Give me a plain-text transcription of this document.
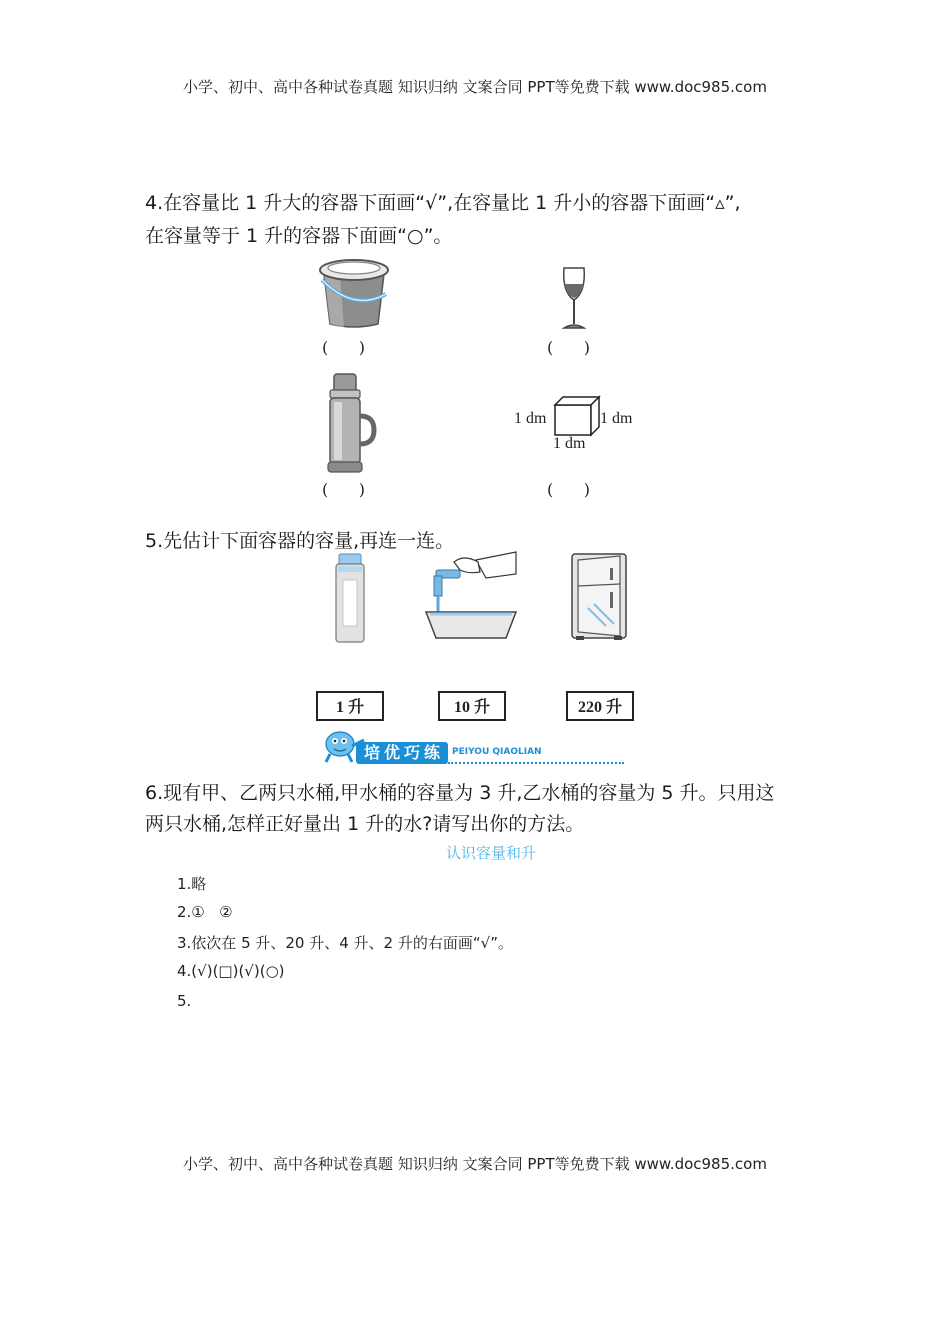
小学、初中、高中各种试卷真题 知识归纳 文案合同 PPT等免费下载 www.doc985.com
4.在容量比 1 升大的容器下面画“√”,在容量比 1 升小的容器下面画“▵”,
在容量等于 1 升的容器下面画“○”。
(      )	(      )
(      )
1 dm	1 dm
1 dm
(      )
5.先估计下面容器的容量,再连一连。
1 升	10 升	220 升
培优巧练 PEIYOU QIAOLIAN
6.现有甲、乙两只水桶,甲水桶的容量为 3 升,乙水桶的容量为 5 升。只用这
两只水桶,怎样正好量出 1 升的水?请写出你的方法。
认识容量和升
1.略
2.①   ②
3.依次在 5 升、20 升、4 升、2 升的右面画“√”。
4.(√)(□)(√)(○)
5.
小学、初中、高中各种试卷真题 知识归纳 文案合同 PPT等免费下载 www.doc985.com
